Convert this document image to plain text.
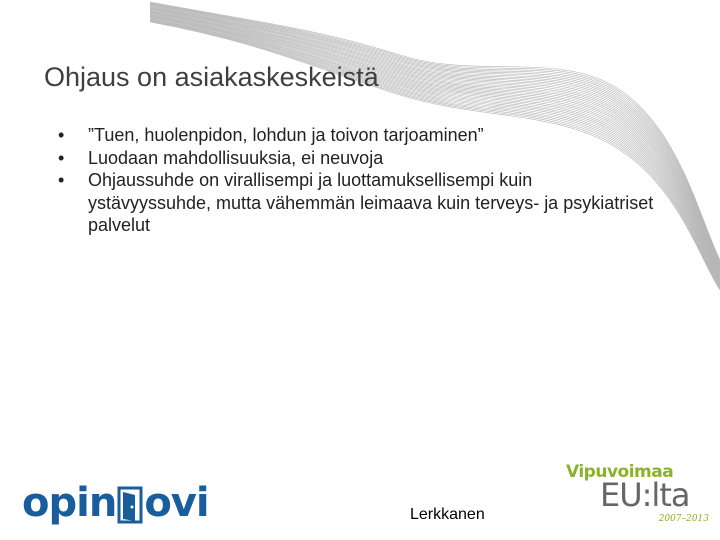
Ohjaus on asiakaskeskeistä
• ”Tuen, huolenpidon, lohdun ja toivon tarjoaminen”
• Luodaan mahdollisuuksia, ei neuvoja
• Ohjaussuhde on virallisempi ja luottamuksellisempi kuin ystävyyssuhde, mutta vähemmän leimaava kuin terveys- ja psykiatriset palvelut
opin ovi	Lerkkanen
Vipuvoimaa
EU:lta
2007–2013
